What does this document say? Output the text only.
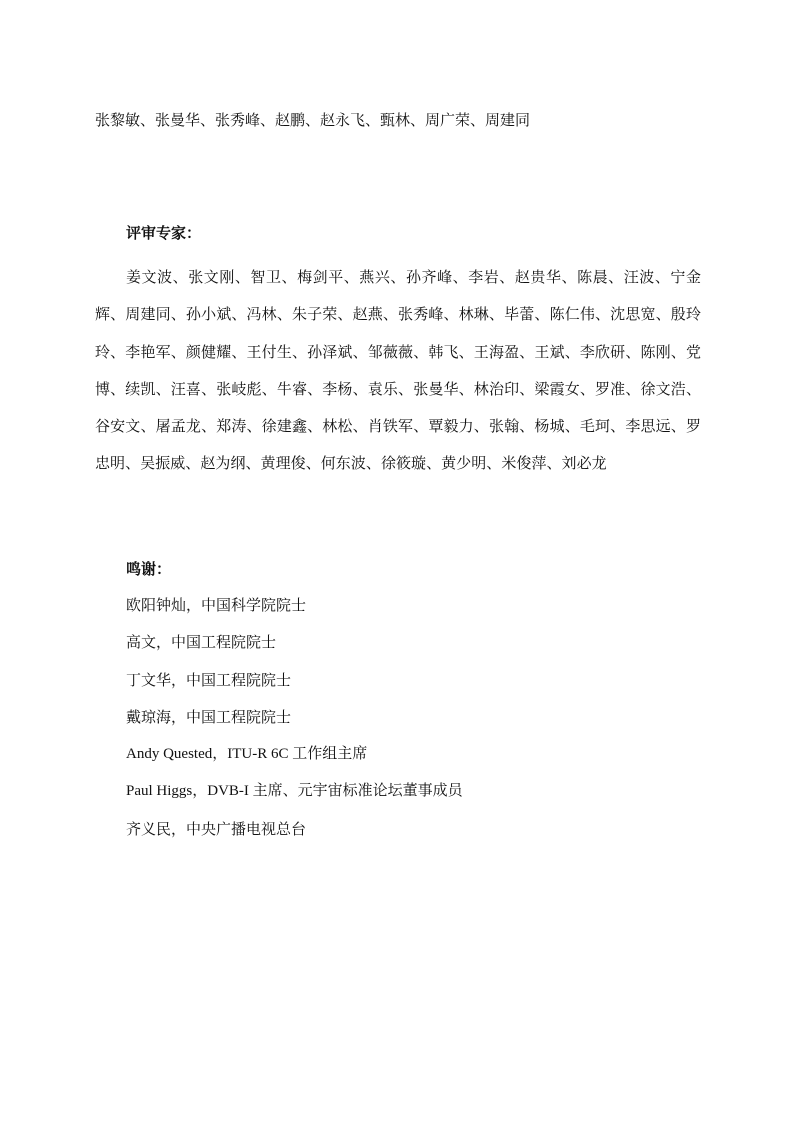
张黎敏、张曼华、张秀峰、赵鹏、赵永飞、甄林、周广荣、周建同
评审专家：
姜文波、张文刚、智卫、梅剑平、燕兴、孙齐峰、李岩、赵贵华、陈晨、汪波、宁金辉、周建同、孙小斌、冯林、朱子荣、赵燕、张秀峰、林琳、毕蕾、陈仁伟、沈思宽、殷玲玲、李艳军、颜健耀、王付生、孙泽斌、邹薇薇、韩飞、王海盈、王斌、李欣研、陈刚、党博、续凯、汪喜、张岐彪、牛睿、李杨、袁乐、张曼华、林治印、梁霞女、罗准、徐文浩、谷安文、屠孟龙、郑涛、徐建鑫、林松、肖铁军、覃毅力、张翰、杨城、毛珂、李思远、罗忠明、吴振威、赵为纲、黄理俊、何东波、徐筱璇、黄少明、米俊萍、刘必龙
鸣谢：
欧阳钟灿，中国科学院院士
高文，中国工程院院士
丁文华，中国工程院院士
戴琼海，中国工程院院士
Andy Quested，ITU-R 6C 工作组主席
Paul Higgs，DVB-I 主席、元宇宙标准论坛董事成员
齐义民，中央广播电视总台
